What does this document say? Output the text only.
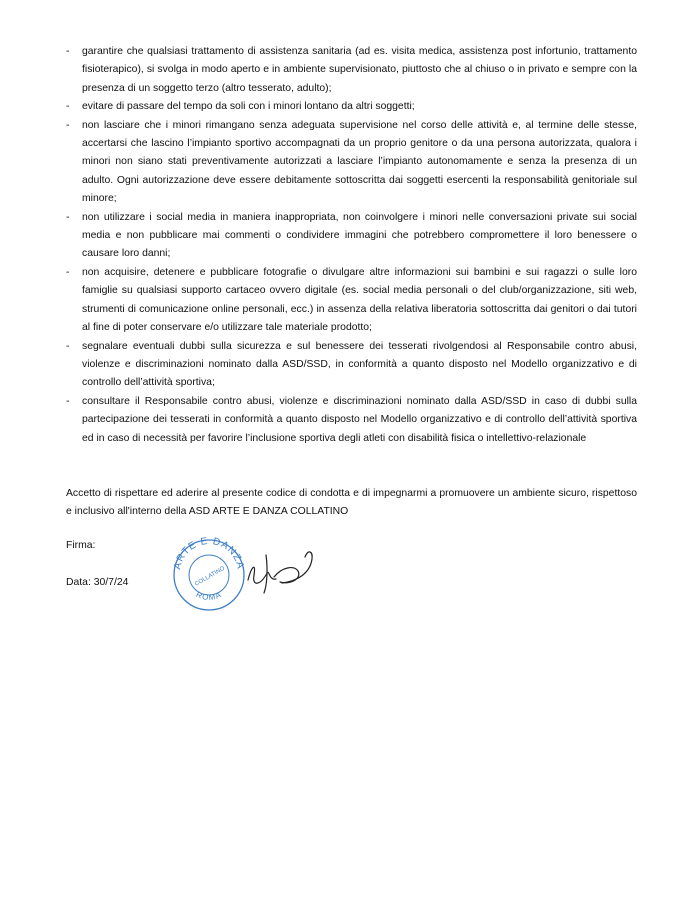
- garantire che qualsiasi trattamento di assistenza sanitaria (ad es. visita medica, assistenza post infortunio, trattamento fisioterapico), si svolga in modo aperto e in ambiente supervisionato, piuttosto che al chiuso o in privato e sempre con la presenza di un soggetto terzo (altro tesserato, adulto);
- evitare di passare del tempo da soli con i minori lontano da altri soggetti;
- non lasciare che i minori rimangano senza adeguata supervisione nel corso delle attività e, al termine delle stesse, accertarsi che lascino l’impianto sportivo accompagnati da un proprio genitore o da una persona autorizzata, qualora i minori non siano stati preventivamente autorizzati a lasciare l’impianto autonomamente e senza la presenza di un adulto. Ogni autorizzazione deve essere debitamente sottoscritta dai soggetti esercenti la responsabilità genitoriale sul minore;
- non utilizzare i social media in maniera inappropriata, non coinvolgere i minori nelle conversazioni private sui social media e non pubblicare mai commenti o condividere immagini che potrebbero compromettere il loro benessere o causare loro danni;
- non acquisire, detenere e pubblicare fotografie o divulgare altre informazioni sui bambini e sui ragazzi o sulle loro famiglie su qualsiasi supporto cartaceo ovvero digitale (es. social media personali o del club/organizzazione, siti web, strumenti di comunicazione online personali, ecc.) in assenza della relativa liberatoria sottoscritta dai genitori o dai tutori al fine di poter conservare e/o utilizzare tale materiale prodotto;
- segnalare eventuali dubbi sulla sicurezza e sul benessere dei tesserati rivolgendosi al Responsabile contro abusi, violenze e discriminazioni nominato dalla ASD/SSD, in conformità a quanto disposto nel Modello organizzativo e di controllo dell’attività sportiva;
- consultare il Responsabile contro abusi, violenze e discriminazioni nominato dalla ASD/SSD in caso di dubbi sulla partecipazione dei tesserati in conformità a quanto disposto nel Modello organizzativo e di controllo dell’attività sportiva ed in caso di necessità per favorire l’inclusione sportiva degli atleti con disabilità fisica o intellettivo-relazionale

Accetto di rispettare ed aderire al presente codice di condotta e di impegnarmi a promuovere un ambiente sicuro, rispettoso e inclusivo all'interno della ASD ARTE E DANZA COLLATINO

Firma:
Data: 30/7/24
ARTE E DANZA
ROMA
COLLATINO
